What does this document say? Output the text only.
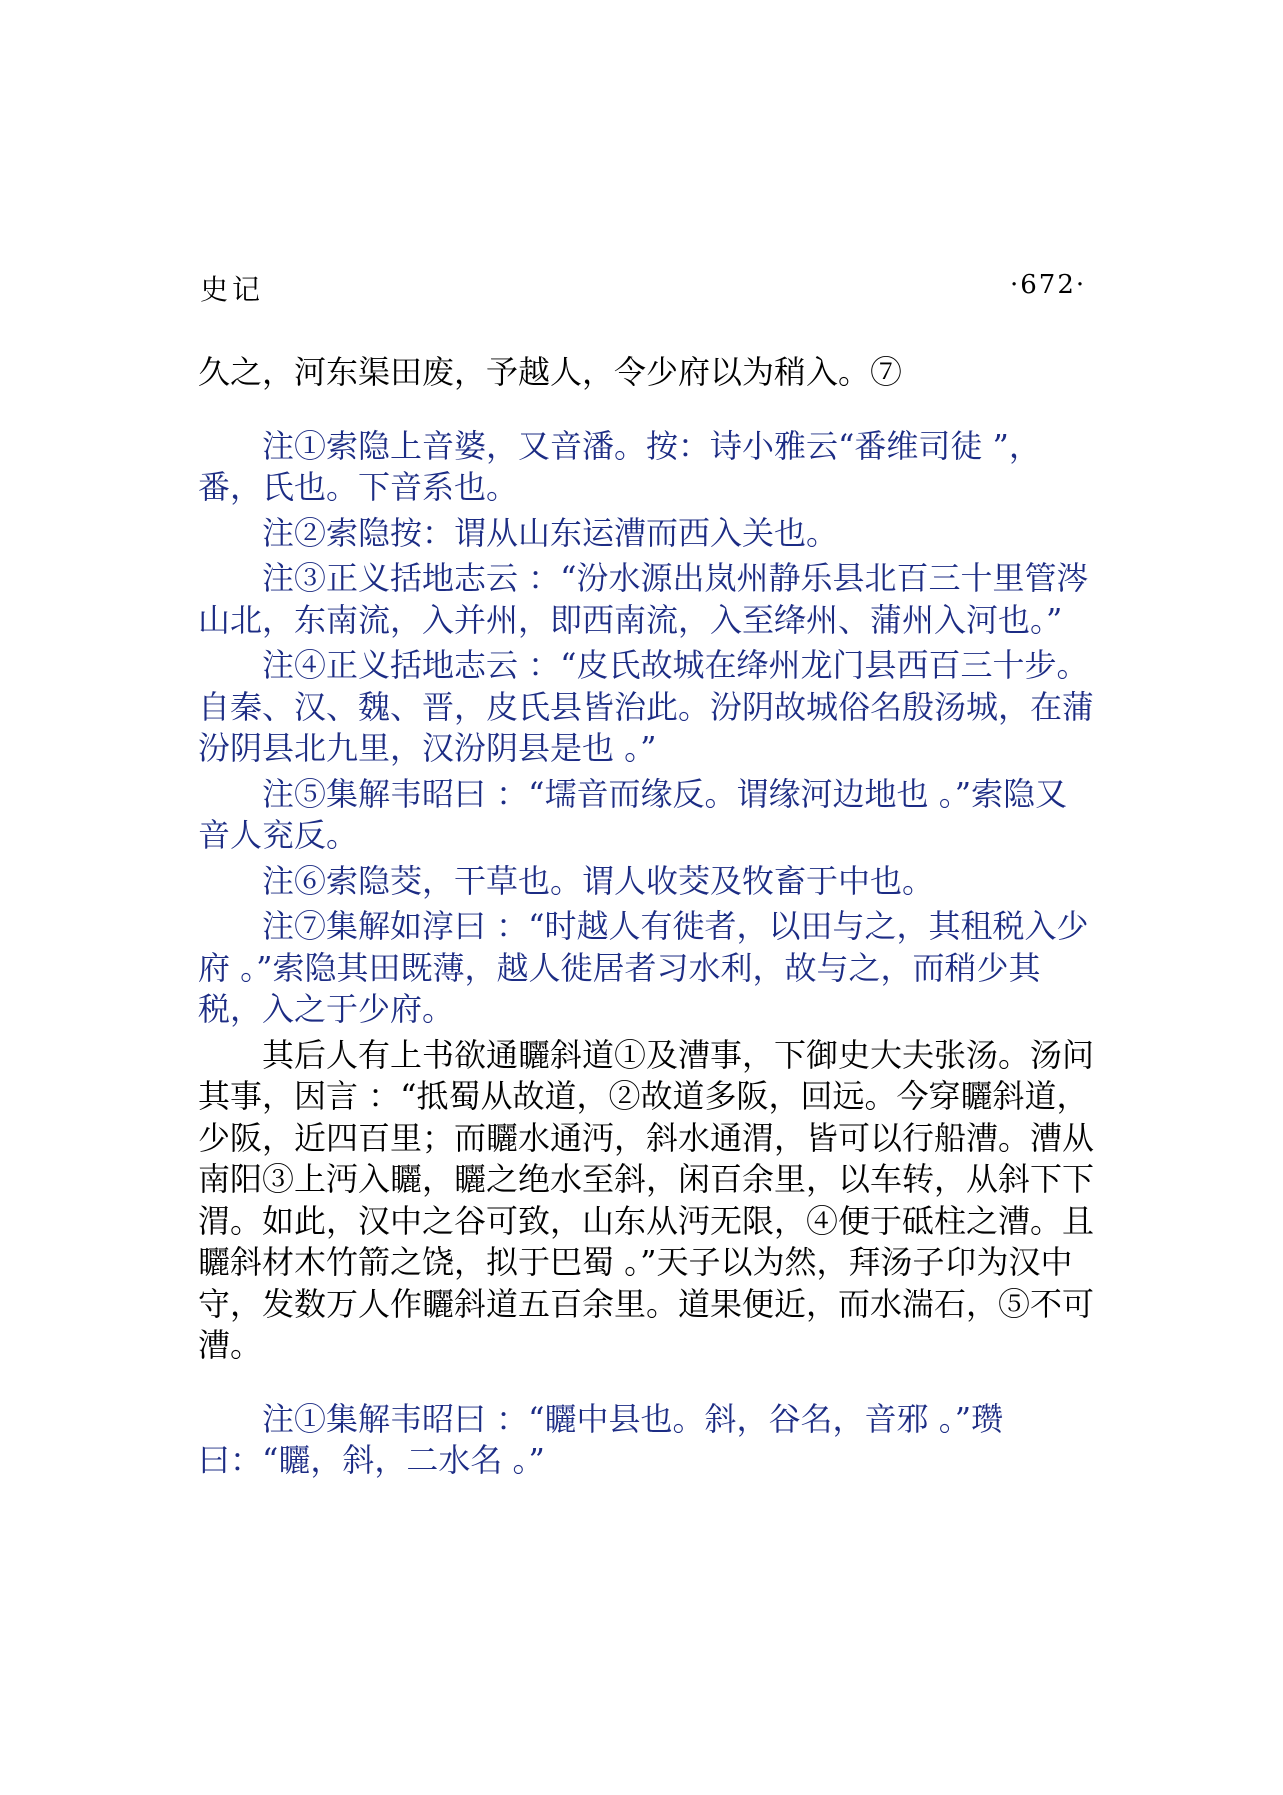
史记	·672·

久之，河东渠田废，予越人，令少府以为稍入。⑦

注①索隐上音婆，又音潘。按：诗小雅云“番维司徒 ”，番，氏也。下音系也。

注②索隐按：谓从山东运漕而西入关也。

注③正义括地志云 ：“汾水源出岚州静乐县北百三十里管涔山北，东南流，入并州，即西南流，入至绛州、蒲州入河也。”

注④正义括地志云 ：“皮氏故城在绛州龙门县西百三十步。自秦、汉、魏、晋，皮氏县皆治此。汾阴故城俗名殷汤城，在蒲汾阴县北九里，汉汾阴县是也 。”

注⑤集解韦昭曰 ：“壖音而缘反。谓缘河边地也 。”索隐又音人兖反。

注⑥索隐茭，干草也。谓人收茭及牧畜于中也。

注⑦集解如淳曰 ：“时越人有徙者，以田与之，其租税入少府 。”索隐其田既薄，越人徙居者习水利，故与之，而稍少其税，入之于少府。

其后人有上书欲通矖斜道①及漕事，下御史大夫张汤。汤问其事，因言 ：“抵蜀从故道，②故道多阪，回远。今穿矖斜道，少阪，近四百里；而矖水通沔，斜水通渭，皆可以行船漕。漕从南阳③上沔入矖，矖之绝水至斜，闲百余里，以车转，从斜下下渭。如此，汉中之谷可致，山东从沔无限，④便于砥柱之漕。且矖斜材木竹箭之饶，拟于巴蜀 。”天子以为然，拜汤子卬为汉中守，发数万人作矖斜道五百余里。道果便近，而水湍石，⑤不可漕。

注①集解韦昭曰 ：“矖中县也。斜，谷名，音邪 。”瓒曰：“矖，斜，二水名 。”
